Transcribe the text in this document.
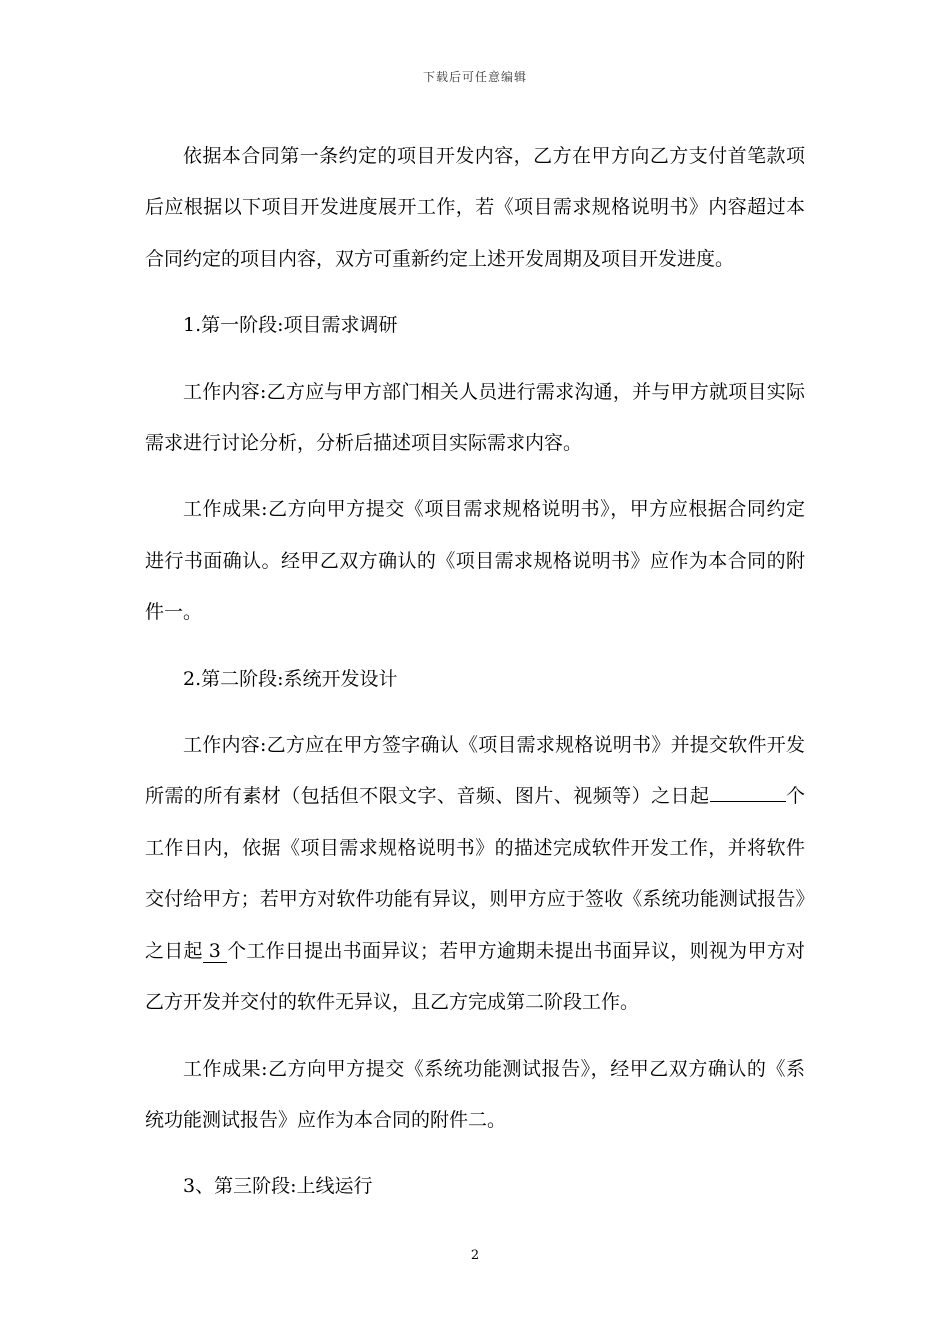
下载后可任意编辑

依据本合同第一条约定的项目开发内容，乙方在甲方向乙方支付首笔款项后应根据以下项目开发进度展开工作，若《项目需求规格说明书》内容超过本合同约定的项目内容，双方可重新约定上述开发周期及项目开发进度。

1.第一阶段:项目需求调研

工作内容:乙方应与甲方部门相关人员进行需求沟通，并与甲方就项目实际需求进行讨论分析，分析后描述项目实际需求内容。

工作成果:乙方向甲方提交《项目需求规格说明书》，甲方应根据合同约定进行书面确认。经甲乙双方确认的《项目需求规格说明书》应作为本合同的附件一。

2.第二阶段:系统开发设计

工作内容:乙方应在甲方签字确认《项目需求规格说明书》并提交软件开发所需的所有素材（包括但不限文字、音频、图片、视频等）之日起	个工作日内，依据《项目需求规格说明书》的描述完成软件开发工作，并将软件交付给甲方；若甲方对软件功能有异议，则甲方应于签收《系统功能测试报告》之日起 3 个工作日提出书面异议；若甲方逾期未提出书面异议，则视为甲方对乙方开发并交付的软件无异议，且乙方完成第二阶段工作。

工作成果:乙方向甲方提交《系统功能测试报告》，经甲乙双方确认的《系统功能测试报告》应作为本合同的附件二。

3、第三阶段:上线运行

2
